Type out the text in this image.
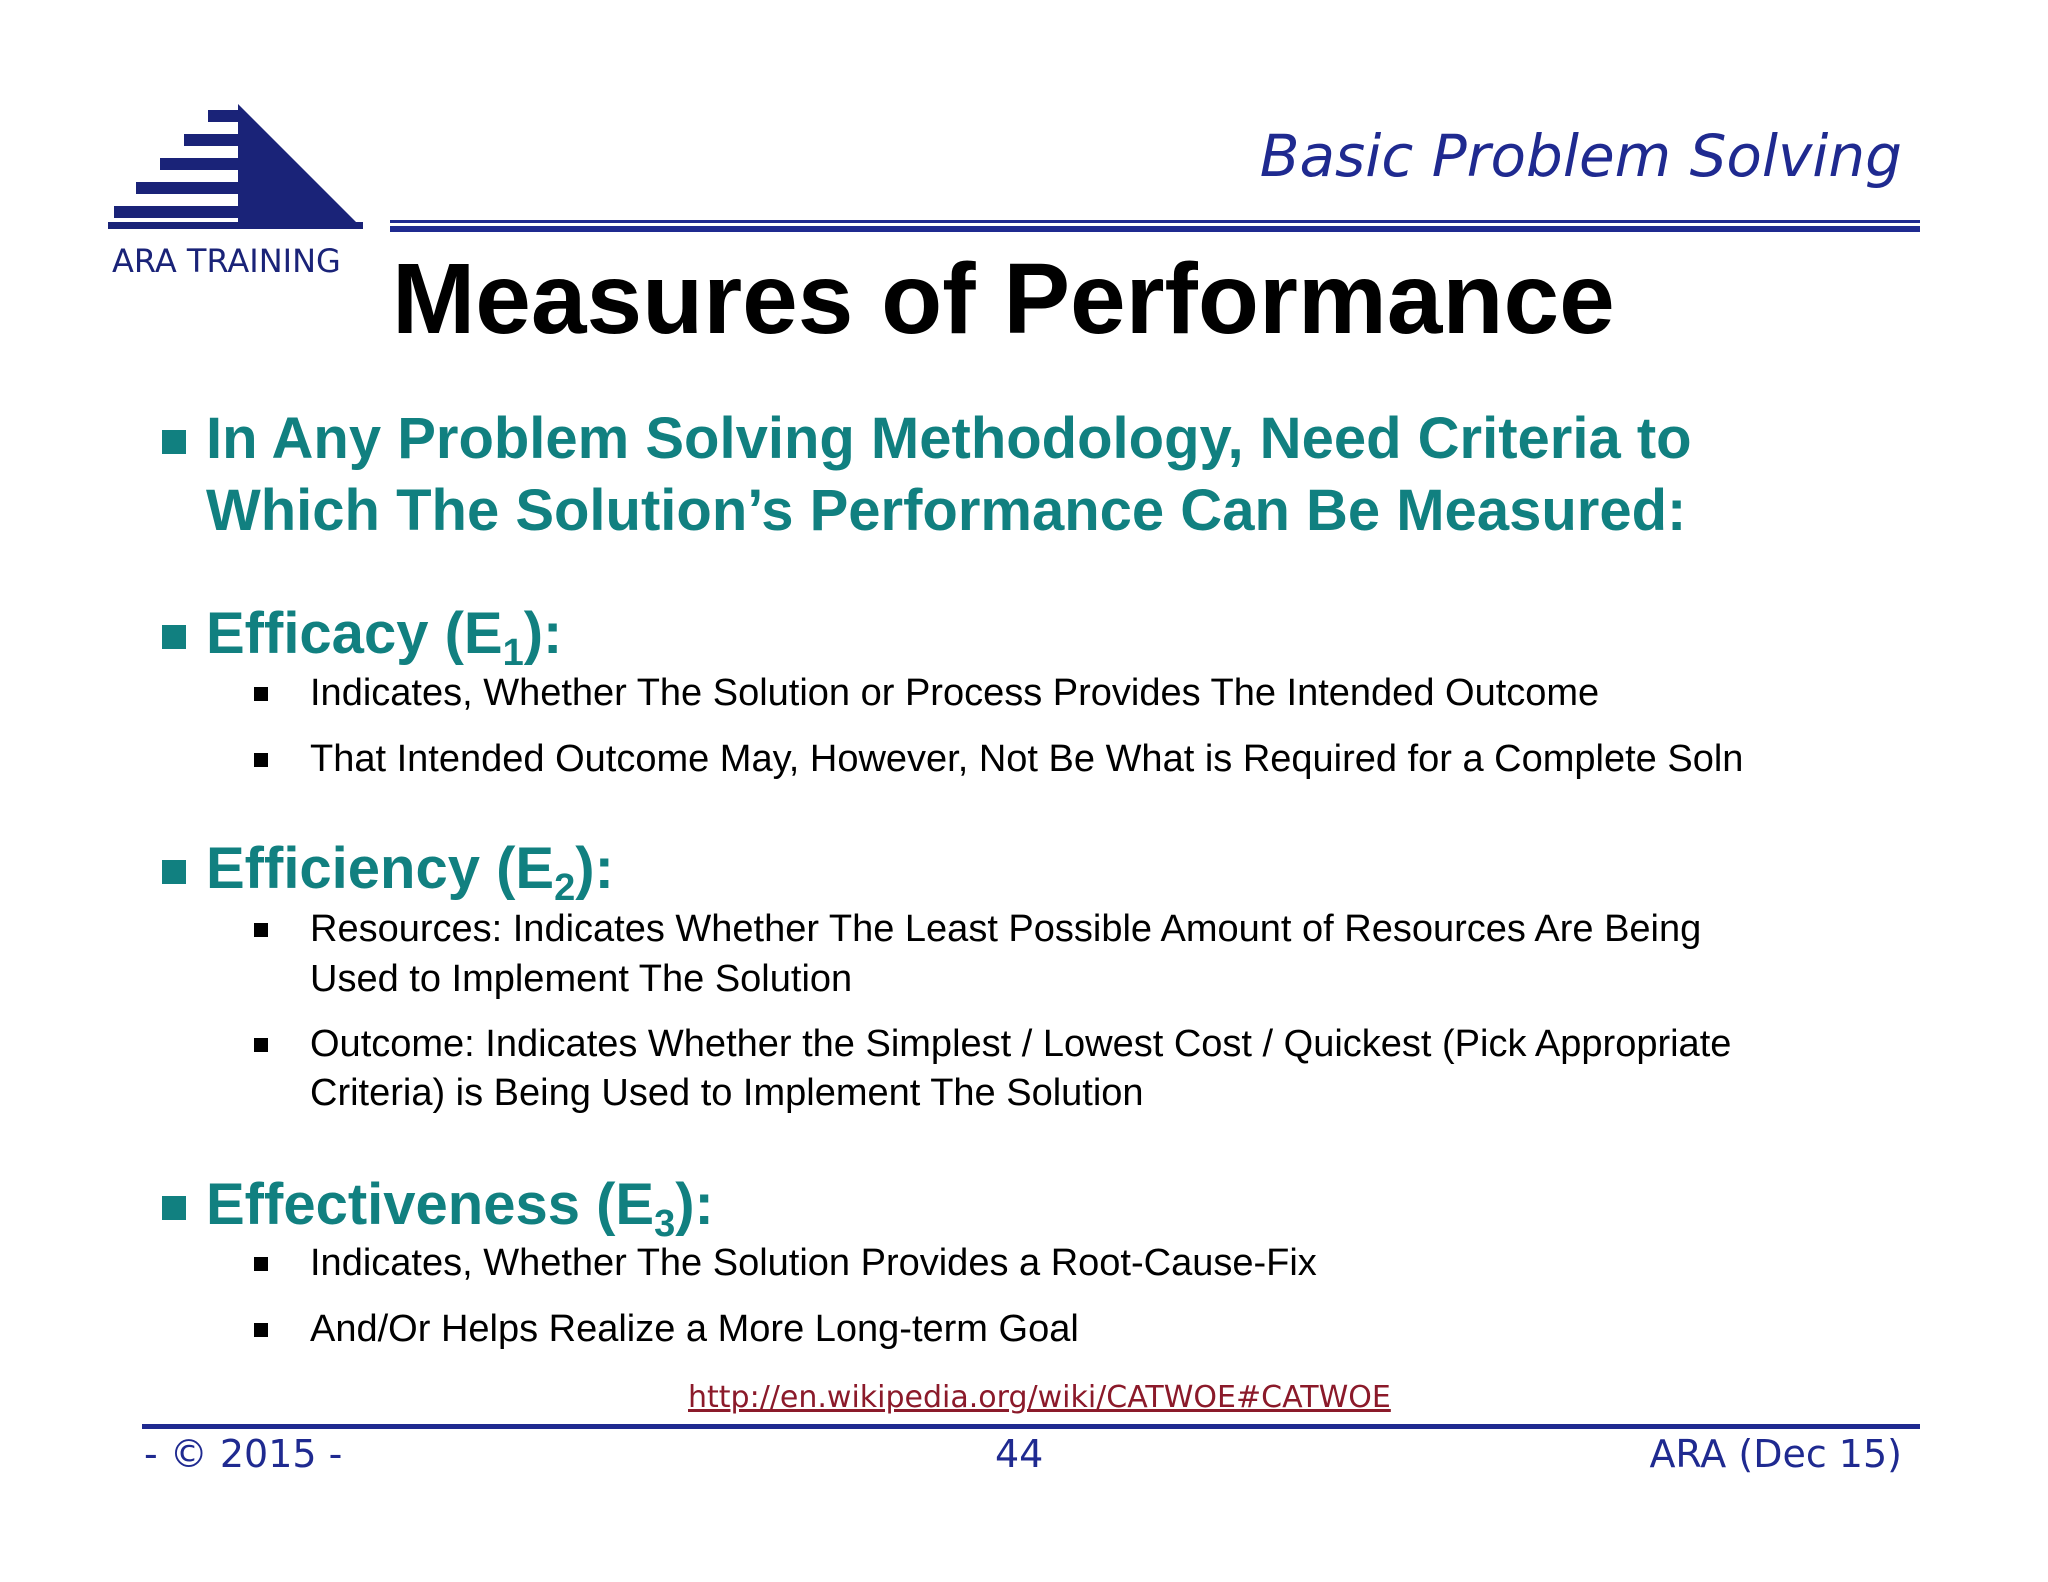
ARA TRAINING
Basic Problem Solving
Measures of Performance
In Any Problem Solving Methodology, Need Criteria to
Which The Solution’s Performance Can Be Measured:
Efficacy $(E_1)$:
Indicates, Whether The Solution or Process Provides The Intended Outcome
That Intended Outcome May, However, Not Be What is Required for a Complete Soln
Efficiency $(E_2)$:
Resources: Indicates Whether The Least Possible Amount of Resources Are Being
Used to Implement The Solution
Outcome: Indicates Whether the Simplest / Lowest Cost / Quickest (Pick Appropriate
Criteria) is Being Used to Implement The Solution
Effectiveness $(E_3)$:
Indicates, Whether The Solution Provides a Root-Cause-Fix
And/Or Helps Realize a More Long-term Goal
http://en.wikipedia.org/wiki/CATWOE#CATWOE
- © 2015 -	44	ARA (Dec 15)
